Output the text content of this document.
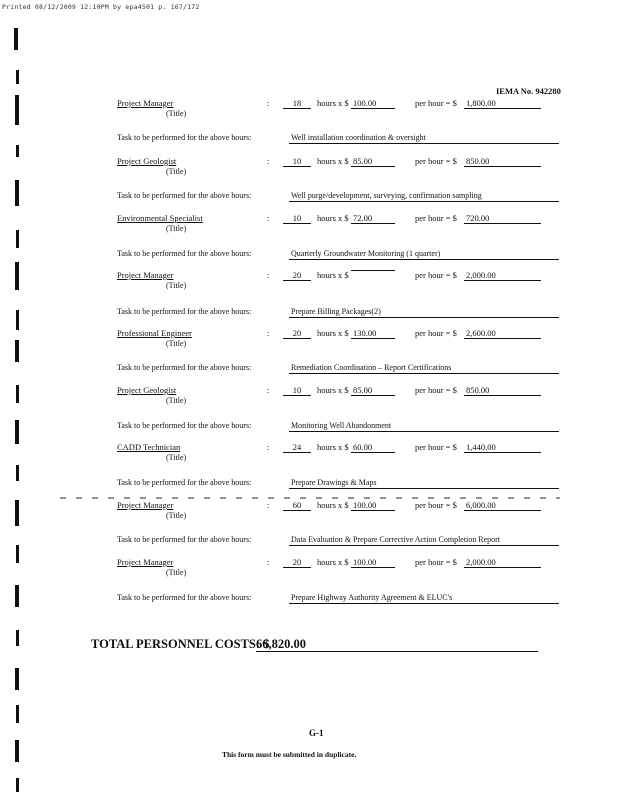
Printed 08/12/2009 12:10PM by epa4501 p. 167/172
IEMA No. 942280
Project Manager	:	18	hours x $ 100.00	per hour = $ 1,800.00
(Title)
Task to be performed for the above hours:	Well installation coordination & oversight
Project Geologist	:	10	hours x $ 85.00	per hour = $ 850.00
(Title)
Task to be performed for the above hours:	Well purge/development, surveying, confirmation sampling
Environmental Specialist	:	10	hours x $ 72.00	per hour = $ 720.00
(Title)
Task to be performed for the above hours:	Quarterly Groundwater Monitoring (1 quarter)
Project Manager	:	20	hours x $	per hour = $ 2,000.00
(Title)
Task to be performed for the above hours:	Prepare Billing Packages(2)
Professional Engineer	:	20	hours x $ 130.00	per hour = $ 2,600.00
(Title)
Task to be performed for the above hours:	Remediation Coordination – Report Certifications
Project Geologist	:	10	hours x $ 85.00	per hour = $ 850.00
(Title)
Task to be performed for the above hours:	Monitoring Well Abandonment
CADD Technician	:	24	hours x $ 60.00	per hour = $ 1,440.00
(Title)
Task to be performed for the above hours:	Prepare Drawings & Maps
Project Manager	:	60	hours x $ 100.00	per hour = $ 6,000.00
(Title)
Task to be performed for the above hours:	Data Evaluation & Prepare Corrective Action Completion Report
Project Manager	:	20	hours x $ 100.00	per hour = $ 2,000.00
(Title)
Task to be performed for the above hours:	Prepare Highway Authority Agreement & ELUC's
TOTAL PERSONNEL COSTS: $
66,820.00
G-1
This form must be submitted in duplicate.
